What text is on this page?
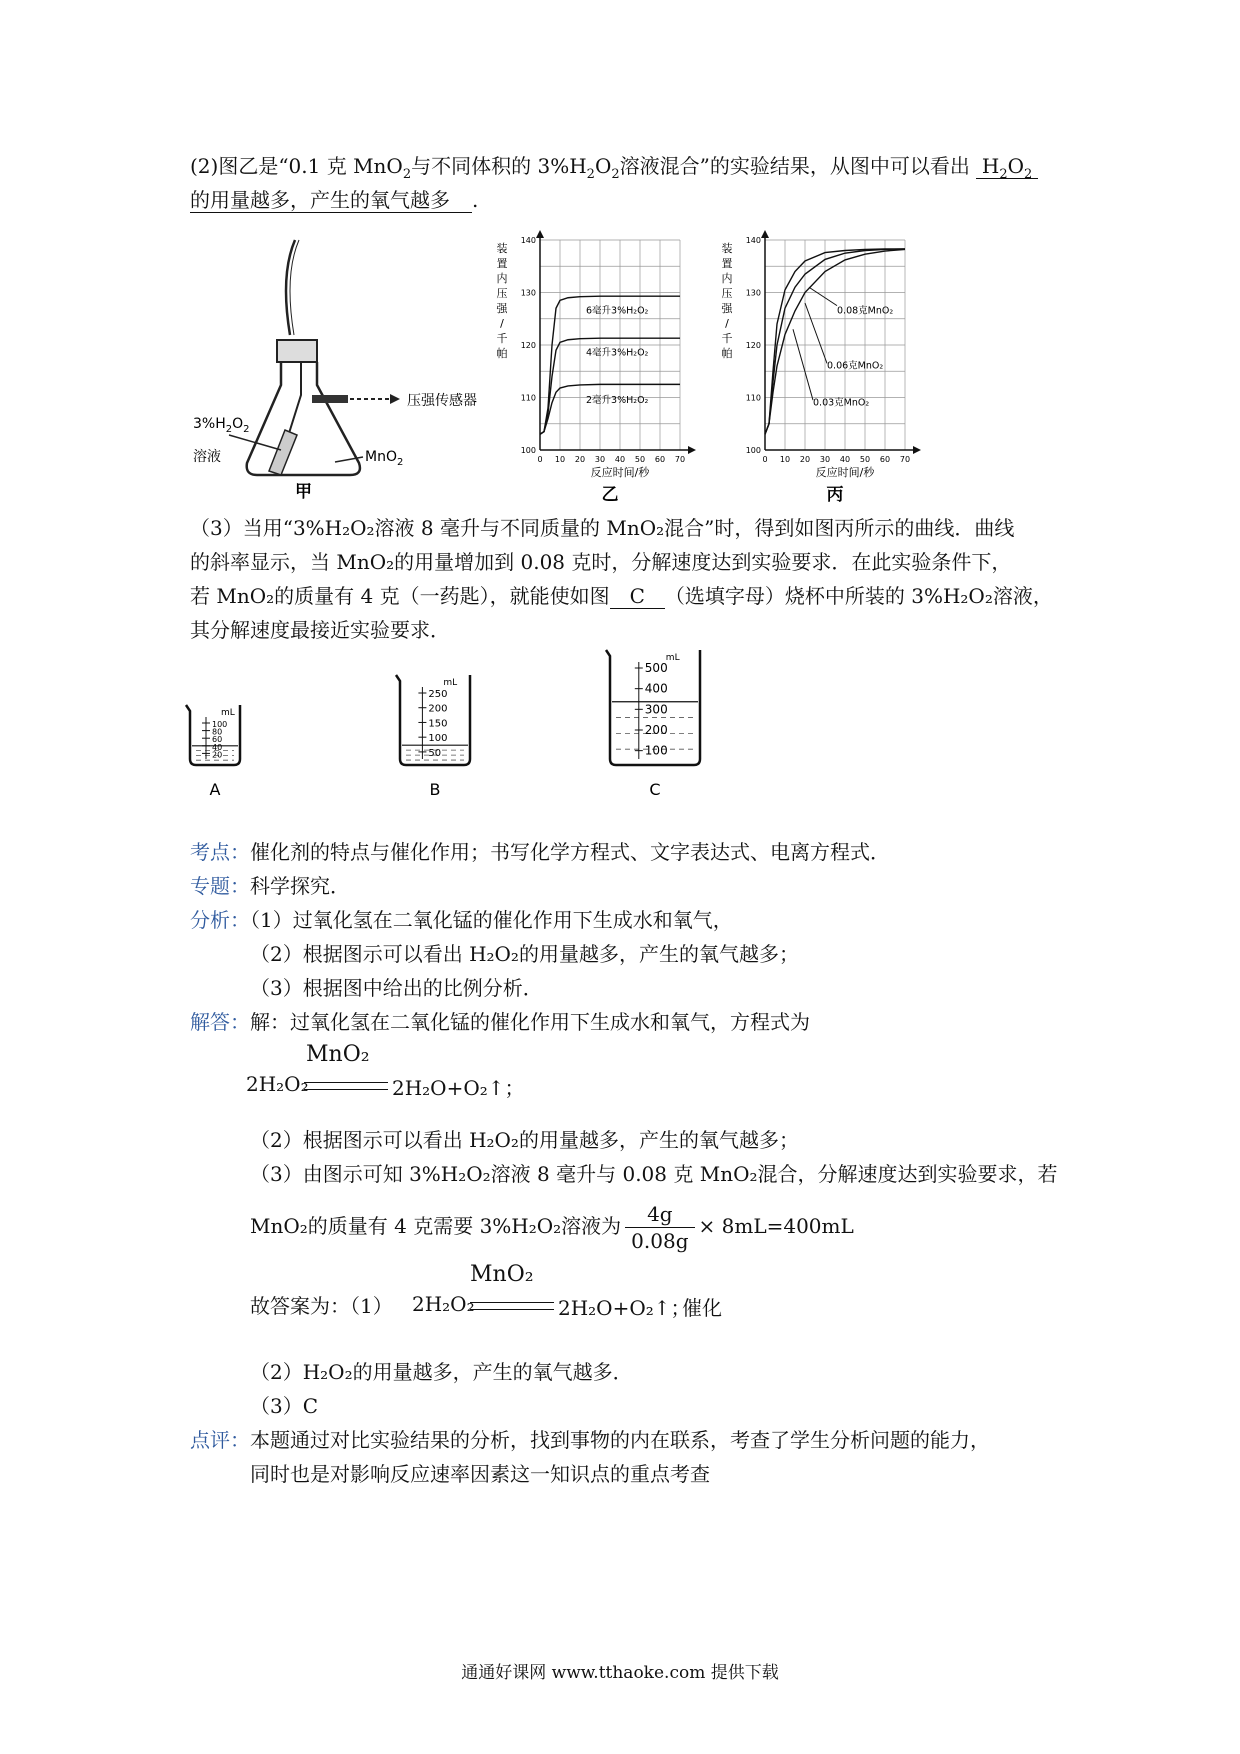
(2)图乙是“0.1 克 MnO$_2$与不同体积的 $3\%H_2O_2$溶液混合”的实验结果，从图中可以看出 $H_2O_2$
的用量越多，产生的氧气越多 .
压强传感器
$3\%H_2O_2$
溶液	MnO$_2$
甲
0 10 20 30 40 50 60 70
100
110
120
130
140
装
置
内
压
强
/
千
帕
反应时间/秒
6毫升3%H₂O₂
4毫升3%H₂O₂
2毫升3%H₂O₂
乙
0 10 20 30 40 50 60 70
100
110
120
130
140
装
置
内
压
强
/
千
帕
反应时间/秒
0.08克MnO₂
0.06克MnO₂
0.03克MnO₂
丙
（3）当用“3%H₂O₂溶液 8 毫升与不同质量的 MnO₂混合”时，得到如图丙所示的曲线．曲线
的斜率显示，当 MnO₂的用量增加到 0.08 克时，分解速度达到实验要求．在此实验条件下，
若 MnO₂的质量有 4 克（一药匙），就能使如图 C （选填字母）烧杯中所装的 3%H₂O₂溶液，
其分解速度最接近实验要求．
mL
100
80
60
40
20
A
mL
250
200
150
100
50
B
mL
500
400
300
200
100
C
考点：催化剂的特点与催化作用；书写化学方程式、文字表达式、电离方程式．
专题：科学探究．
分析：（1）过氧化氢在二氧化锰的催化作用下生成水和氧气，
（2）根据图示可以看出 H₂O₂的用量越多，产生的氧气越多；
（3）根据图中给出的比例分析．
解答：解：过氧化氢在二氧化锰的催化作用下生成水和氧气，方程式为
MnO₂
2H₂O₂	2H₂O+O₂↑；
（2）根据图示可以看出 H₂O₂的用量越多，产生的氧气越多；
（3）由图示可知 3%H₂O₂溶液 8 毫升与 0.08 克 MnO₂混合，分解速度达到实验要求，若
MnO₂的质量有 4 克需要 3%H₂O₂溶液为 $\frac{4g}{0.08g} \times 8mL=400mL$
故答案为：（1）
MnO₂
2H₂O₂	2H₂O+O₂↑；
催化
（2）H₂O₂的用量越多，产生的氧气越多．
（3）C
点评：本题通过对比实验结果的分析，找到事物的内在联系，考查了学生分析问题的能力，
同时也是对影响反应速率因素这一知识点的重点考查
通通好课网 www.tthaoke.com 提供下载
